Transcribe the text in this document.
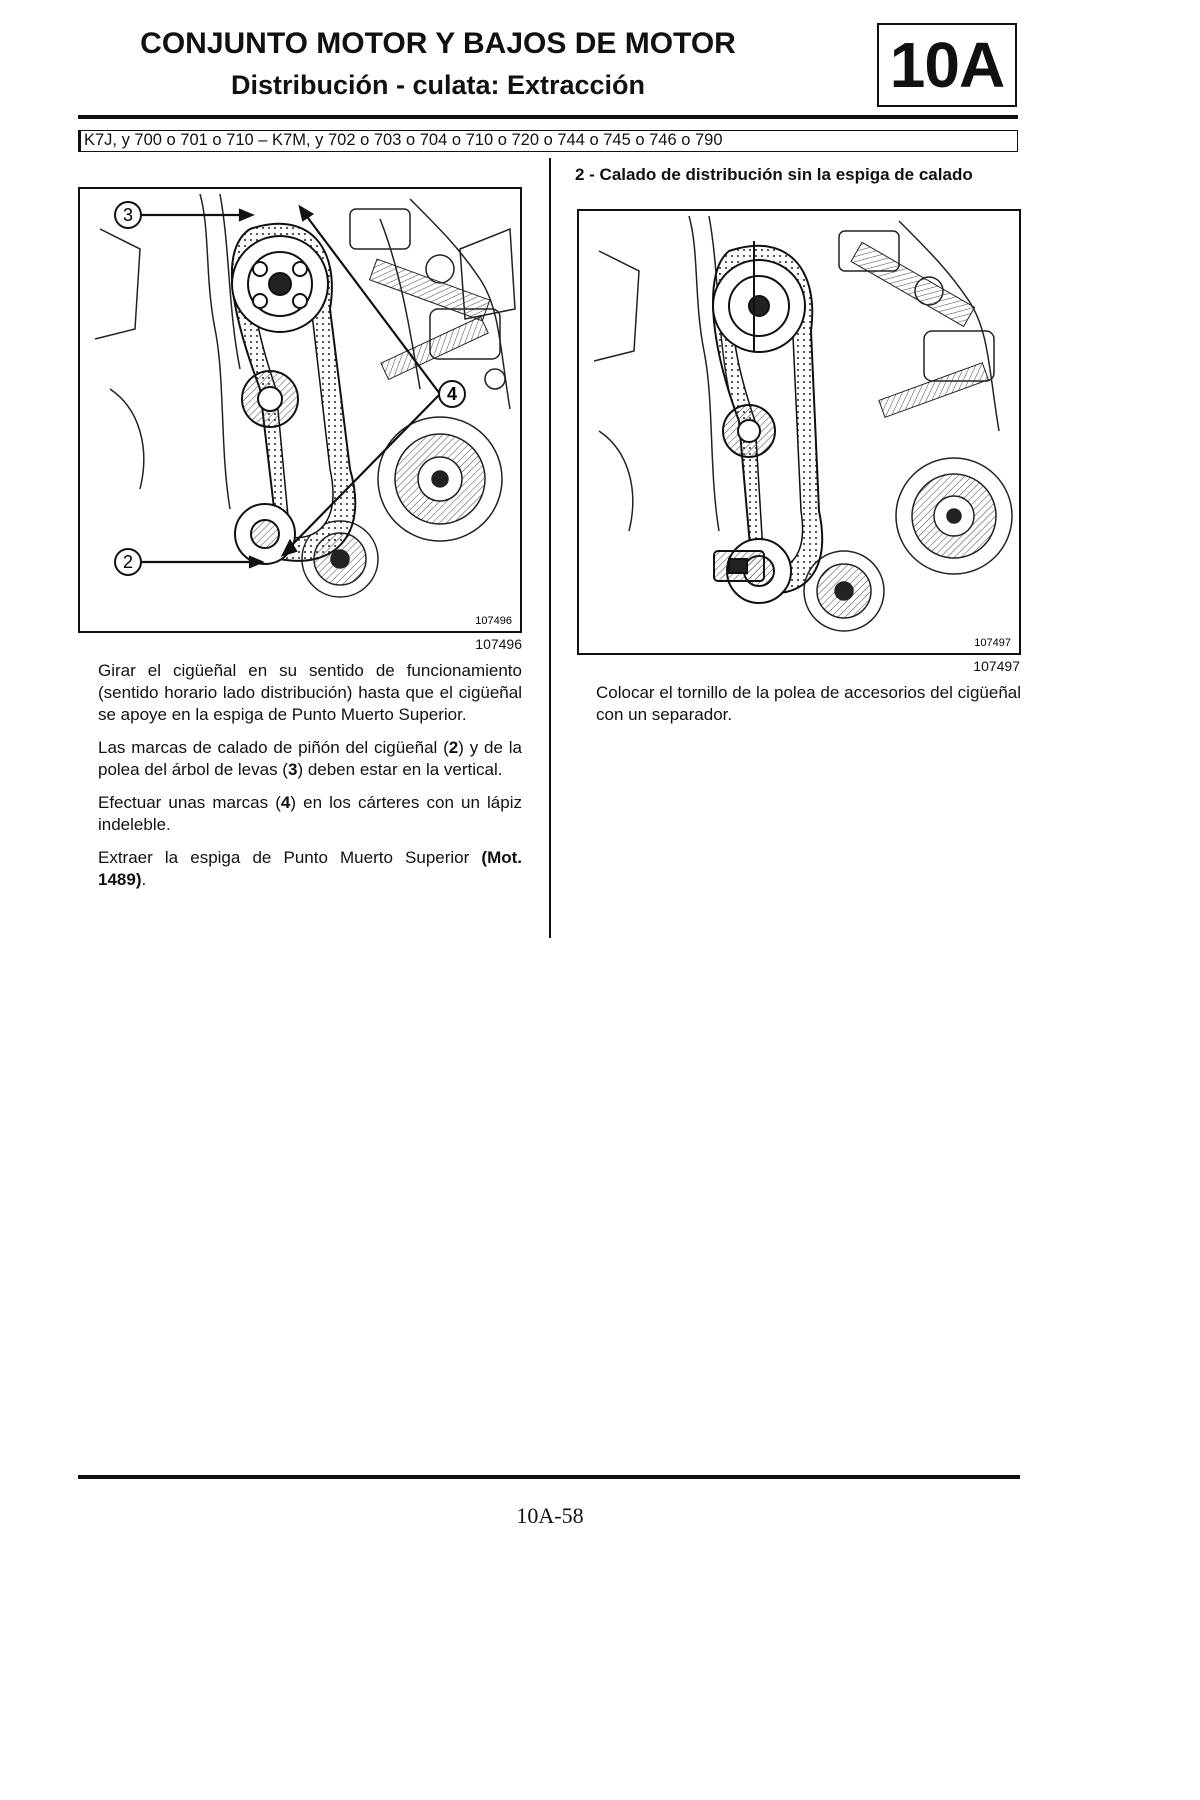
CONJUNTO MOTOR Y BAJOS DE MOTOR
Distribución - culata: Extracción	10A
K7J, y 700 o 701 o 710 – K7M, y 702 o 703 o 704 o 710 o 720 o 744 o 745 o 746 o 790
3
4
2
107496
107496

Girar el cigüeñal en su sentido de funcionamiento (sentido horario lado distribución) hasta que el cigüeñal se apoye en la espiga de Punto Muerto Superior.

Las marcas de calado de piñón del cigüeñal (2) y de la polea del árbol de levas (3) deben estar en la vertical.

Efectuar unas marcas (4) en los cárteres con un lápiz indeleble.

Extraer la espiga de Punto Muerto Superior (Mot. 1489).

2 - Calado de distribución sin la espiga de calado
107497
107497

Colocar el tornillo de la polea de accesorios del cigüeñal con un separador.

10A-58
